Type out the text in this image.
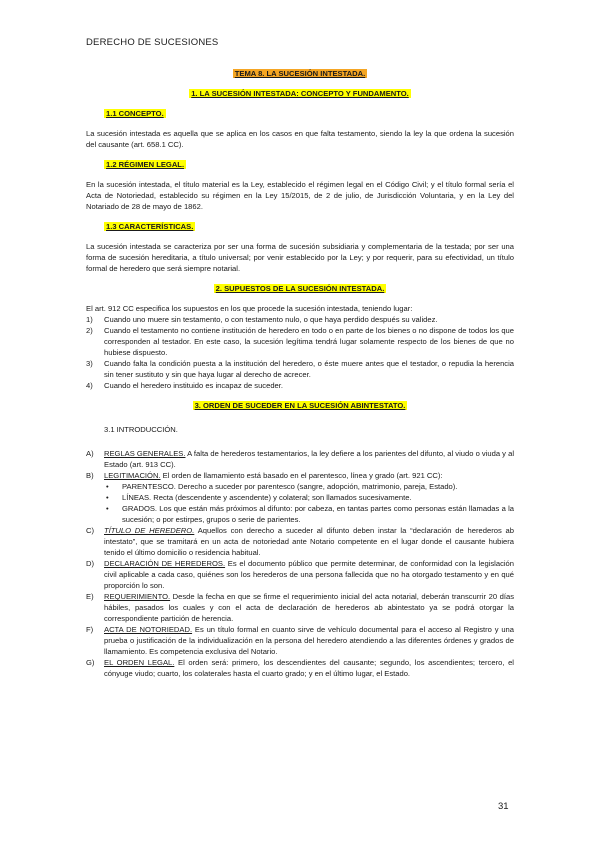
DERECHO DE SUCESIONES
TEMA 8. LA SUCESIÓN INTESTADA.
1. LA SUCESIÓN INTESTADA: CONCEPTO Y FUNDAMENTO.
1.1 CONCEPTO.
La sucesión intestada es aquella que se aplica en los casos en que falta testamento, siendo la ley la que ordena la sucesión del causante (art. 658.1 CC).
1.2 RÉGIMEN LEGAL.
En la sucesión intestada, el título material es la Ley, establecido el régimen legal en el Código Civil; y el título formal sería el Acta de Notoriedad, establecido su régimen en la Ley 15/2015, de 2 de julio, de Jurisdicción Voluntaria, y en la Ley del Notariado de 28 de mayo de 1862.
1.3 CARACTERÍSTICAS.
La sucesión intestada se caracteriza por ser una forma de sucesión subsidiaria y complementaria de la testada; por ser una forma de sucesión hereditaria, a título universal; por venir establecido por la Ley; y por requerir, para su efectividad, un título formal de heredero que será siempre notarial.
2. SUPUESTOS DE LA SUCESIÓN INTESTADA.
El art. 912 CC especifica los supuestos en los que procede la sucesión intestada, teniendo lugar:
1) Cuando uno muere sin testamento, o con testamento nulo, o que haya perdido después su validez.
2) Cuando el testamento no contiene institución de heredero en todo o en parte de los bienes o no dispone de todos los que corresponden al testador. En este caso, la sucesión legítima tendrá lugar solamente respecto de los bienes de que no hubiese dispuesto.
3) Cuando falta la condición puesta a la institución del heredero, o éste muere antes que el testador, o repudia la herencia sin tener sustituto y sin que haya lugar al derecho de acrecer.
4) Cuando el heredero instituido es incapaz de suceder.
3. ORDEN DE SUCEDER EN LA SUCESIÓN ABINTESTATO.
3.1 INTRODUCCIÓN.
A) REGLAS GENERALES. A falta de herederos testamentarios, la ley defiere a los parientes del difunto, al viudo o viuda y al Estado (art. 913 CC).
B) LEGITIMACIÓN. El orden de llamamiento está basado en el parentesco, línea y grado (art. 921 CC):
• PARENTESCO. Derecho a suceder por parentesco (sangre, adopción, matrimonio, pareja, Estado).
• LÍNEAS. Recta (descendente y ascendente) y colateral; son llamados sucesivamente.
• GRADOS. Los que están más próximos al difunto: por cabeza, en tantas partes como personas están llamadas a la sucesión; o por estirpes, grupos o serie de parientes.
C) TÍTULO DE HEREDERO. Aquellos con derecho a suceder al difunto deben instar la “declaración de herederos ab intestato”, que se tramitará en un acta de notoriedad ante Notario competente en el lugar donde el causante hubiera tenido el último domicilio o residencia habitual.
D) DECLARACIÓN DE HEREDEROS. Es el documento público que permite determinar, de conformidad con la legislación civil aplicable a cada caso, quiénes son los herederos de una persona fallecida que no ha otorgado testamento y en qué proporción lo son.
E) REQUERIMIENTO. Desde la fecha en que se firme el requerimiento inicial del acta notarial, deberán transcurrir 20 días hábiles, pasados los cuales y con el acta de declaración de herederos ab abintestato ya se podrá otorgar la correspondiente partición de herencia.
F) ACTA DE NOTORIEDAD. Es un título formal en cuanto sirve de vehículo documental para el acceso al Registro y una prueba o justificación de la individualización en la persona del heredero atendiendo a las diferentes órdenes y grados de llamamiento. Es competencia exclusiva del Notario.
G) EL ORDEN LEGAL. El orden será: primero, los descendientes del causante; segundo, los ascendientes; tercero, el cónyuge viudo; cuarto, los colaterales hasta el cuarto grado; y en el último lugar, el Estado.
31
